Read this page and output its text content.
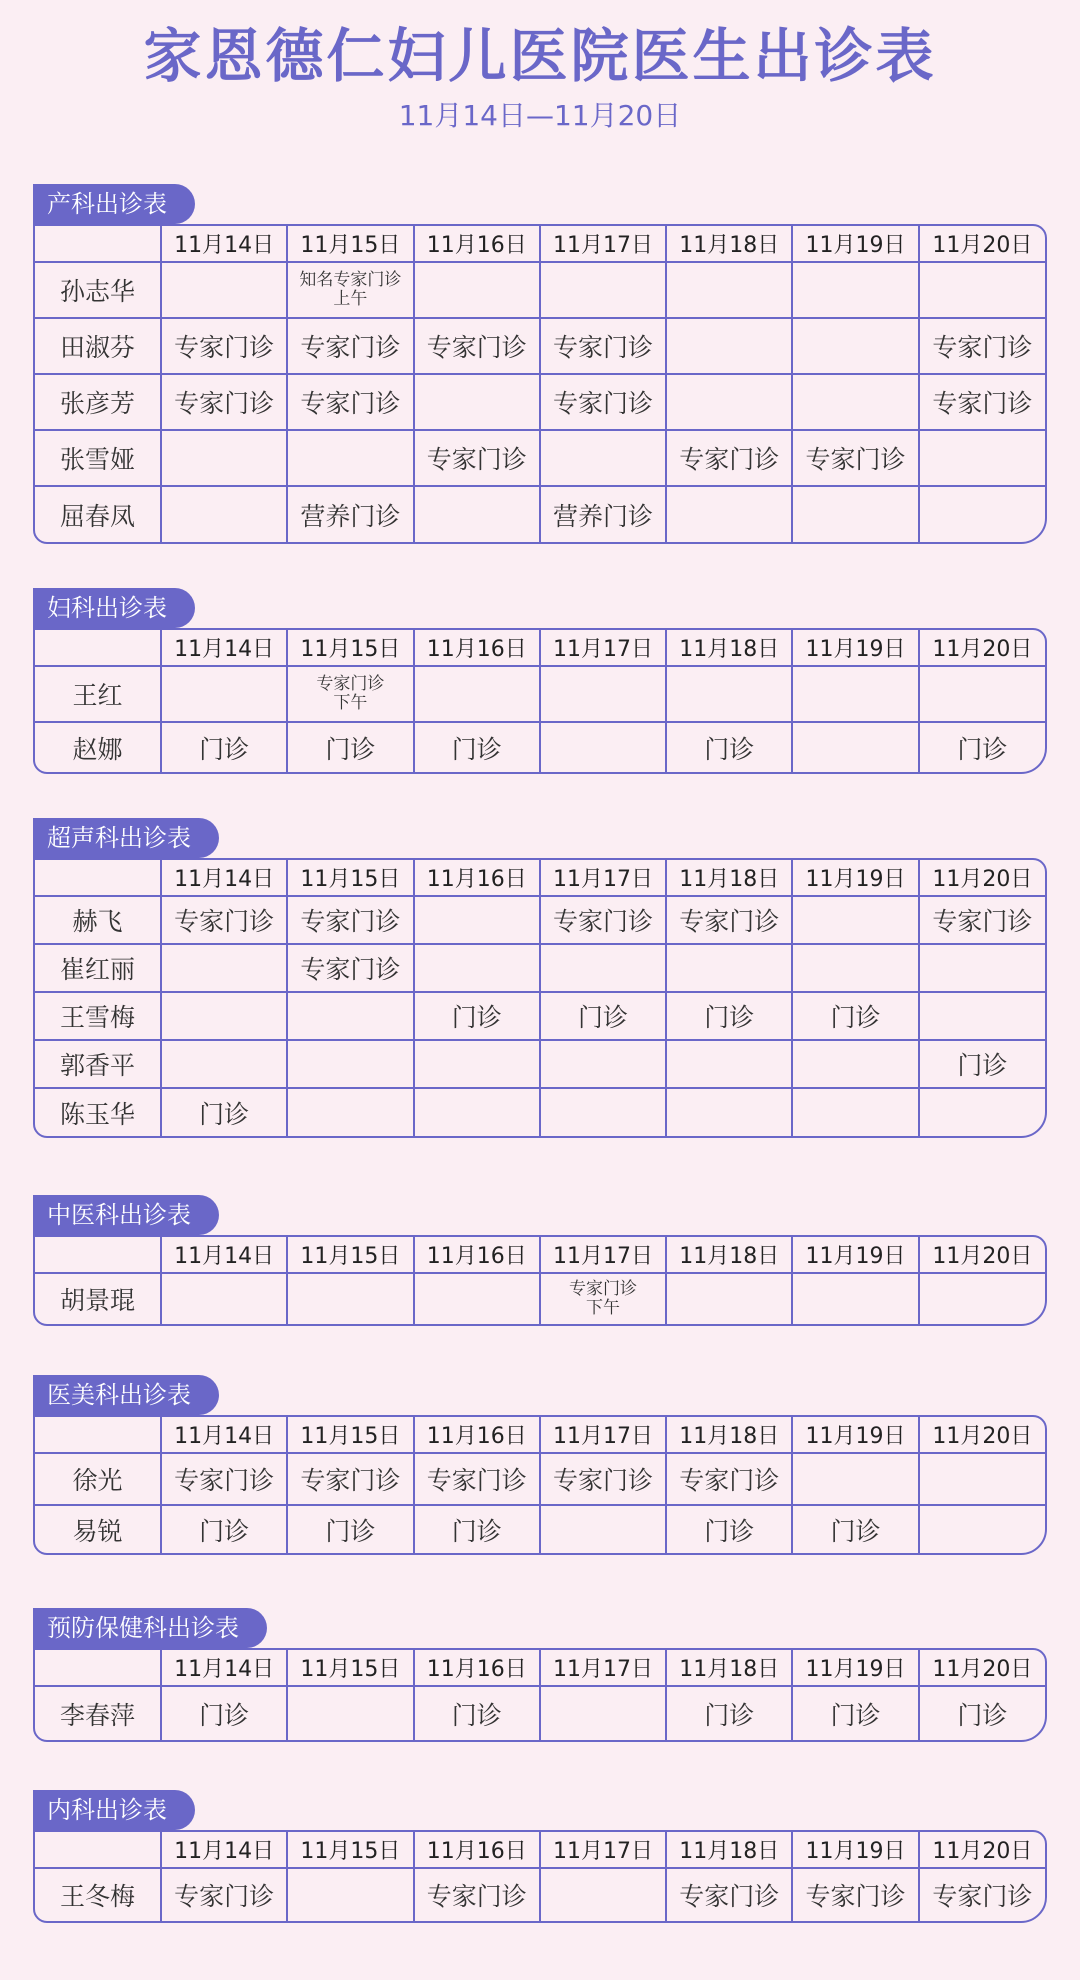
家恩德仁妇儿医院医生出诊表
11月14日—11月20日
产科出诊表
	11月14日	11月15日	11月16日	11月17日	11月18日	11月19日	11月20日
孙志华		知名专家门诊
上午					
田淑芬	专家门诊	专家门诊	专家门诊	专家门诊			专家门诊
张彦芳	专家门诊	专家门诊		专家门诊			专家门诊
张雪娅			专家门诊		专家门诊	专家门诊	
屈春凤		营养门诊		营养门诊			
妇科出诊表
	11月14日	11月15日	11月16日	11月17日	11月18日	11月19日	11月20日
王红		专家门诊
下午					
赵娜	门诊	门诊	门诊		门诊		门诊
超声科出诊表
	11月14日	11月15日	11月16日	11月17日	11月18日	11月19日	11月20日
赫飞	专家门诊	专家门诊		专家门诊	专家门诊		专家门诊
崔红丽		专家门诊					
王雪梅			门诊	门诊	门诊	门诊	
郭香平							门诊
陈玉华	门诊						
中医科出诊表
	11月14日	11月15日	11月16日	11月17日	11月18日	11月19日	11月20日
胡景琨				专家门诊
下午			
医美科出诊表
	11月14日	11月15日	11月16日	11月17日	11月18日	11月19日	11月20日
徐光	专家门诊	专家门诊	专家门诊	专家门诊	专家门诊		
易锐	门诊	门诊	门诊		门诊	门诊	
预防保健科出诊表
	11月14日	11月15日	11月16日	11月17日	11月18日	11月19日	11月20日
李春萍	门诊		门诊		门诊	门诊	门诊
内科出诊表
	11月14日	11月15日	11月16日	11月17日	11月18日	11月19日	11月20日
王冬梅	专家门诊		专家门诊		专家门诊	专家门诊	专家门诊
